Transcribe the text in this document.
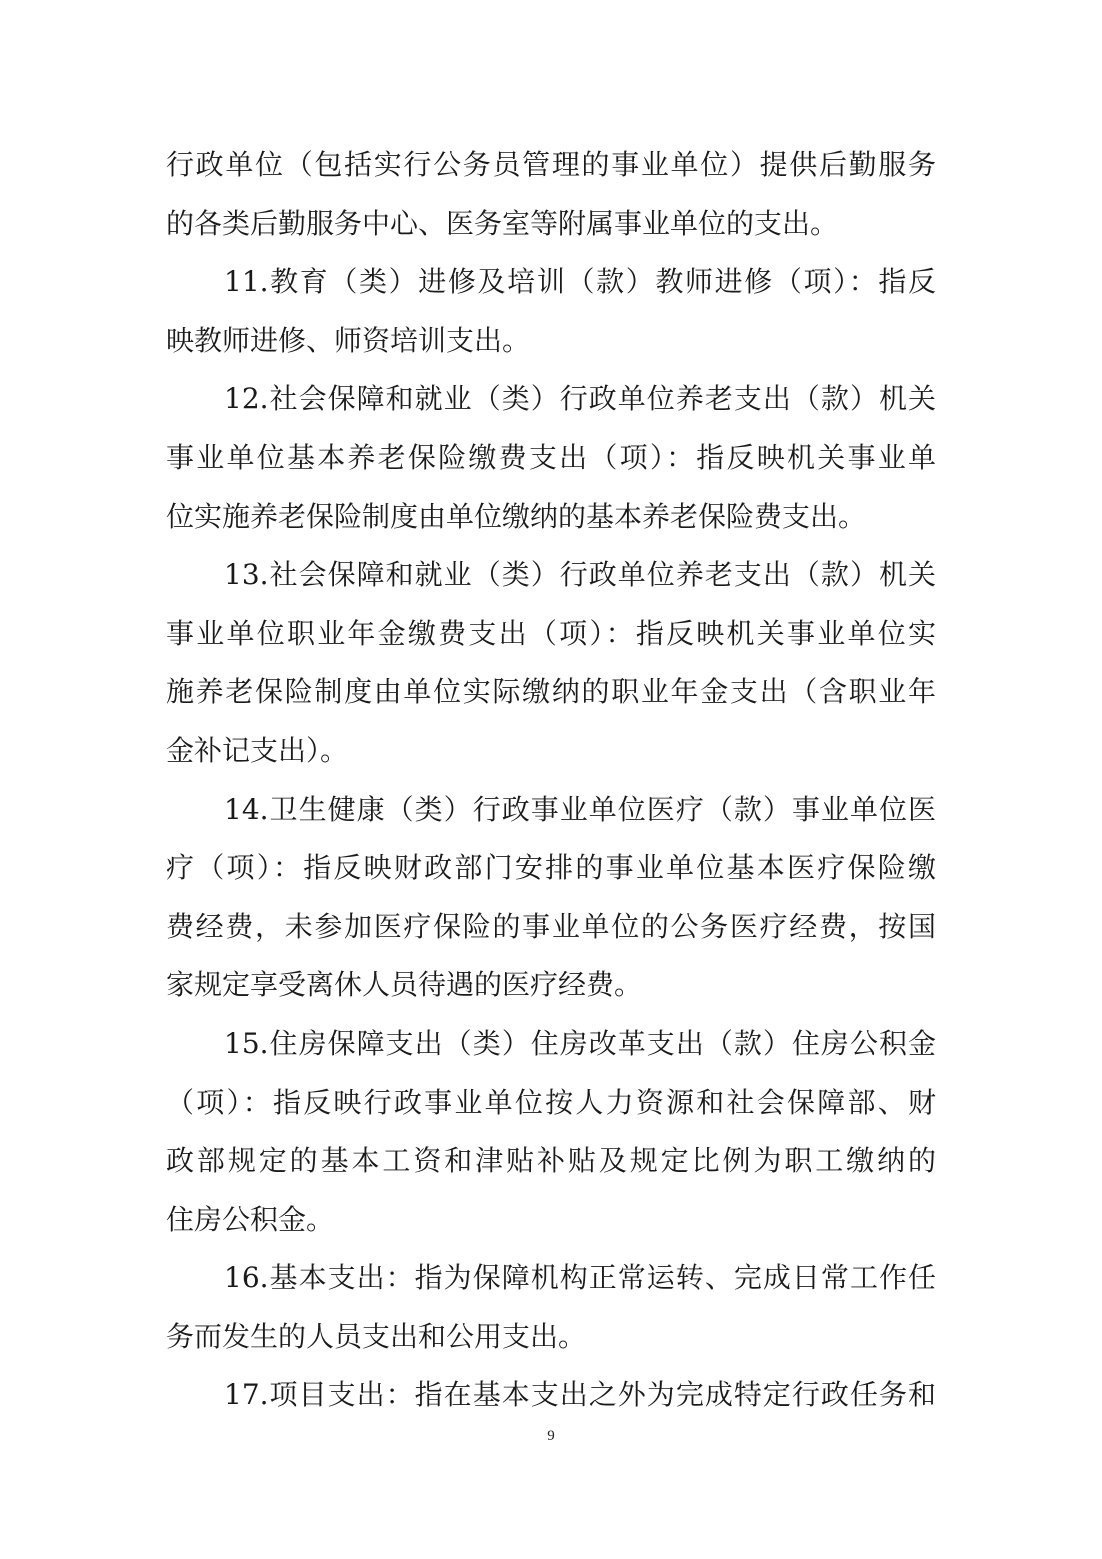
行政单位（包括实行公务员管理的事业单位）提供后勤服务
的各类后勤服务中心、医务室等附属事业单位的支出。
11.教育（类）进修及培训（款）教师进修（项）：指反
映教师进修、师资培训支出。
12.社会保障和就业（类）行政单位养老支出（款）机关
事业单位基本养老保险缴费支出（项）：指反映机关事业单
位实施养老保险制度由单位缴纳的基本养老保险费支出。
13.社会保障和就业（类）行政单位养老支出（款）机关
事业单位职业年金缴费支出（项）：指反映机关事业单位实
施养老保险制度由单位实际缴纳的职业年金支出（含职业年
金补记支出）。
14.卫生健康（类）行政事业单位医疗（款）事业单位医
疗（项）：指反映财政部门安排的事业单位基本医疗保险缴
费经费，未参加医疗保险的事业单位的公务医疗经费，按国
家规定享受离休人员待遇的医疗经费。
15.住房保障支出（类）住房改革支出（款）住房公积金
（项）：指反映行政事业单位按人力资源和社会保障部、财
政部规定的基本工资和津贴补贴及规定比例为职工缴纳的
住房公积金。
16.基本支出：指为保障机构正常运转、完成日常工作任
务而发生的人员支出和公用支出。
17.项目支出：指在基本支出之外为完成特定行政任务和
9
